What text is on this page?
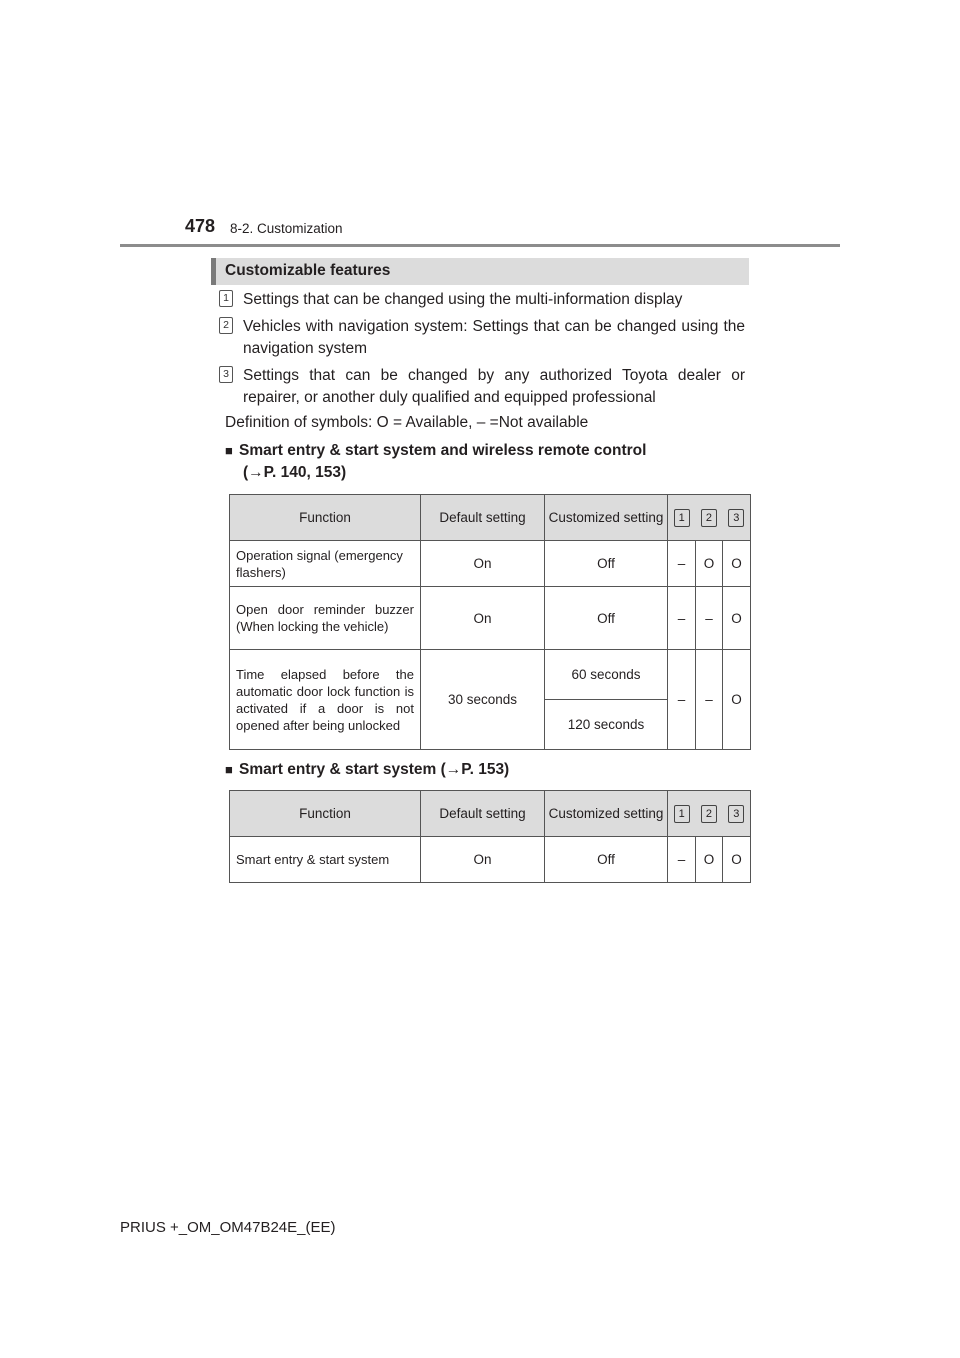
478 8-2. Customization
Customizable features
1 Settings that can be changed using the multi-information display
2 Vehicles with navigation system: Settings that can be changed using the navigation system
3 Settings that can be changed by any authorized Toyota dealer or repairer, or another duly qualified and equipped professional
Definition of symbols: O = Available, – =Not available
■ Smart entry & start system and wireless remote control
(→P. 140, 153)
Function	Default setting	Customized setting	1 2 3		

Operation signal (emergency flashers)	On	Off	–	O	O
Open door reminder buzzer (When locking the vehicle)	On	Off	–	–	O
Time elapsed before the automatic door lock function is activated if a door is not opened after being unlocked	30 seconds	60 seconds	–	–	O
		120 seconds			
■ Smart entry & start system (→P. 153)
Function	Default setting	Customized setting	1 2 3		

Smart entry & start system	On	Off	–	O	O
PRIUS +_OM_OM47B24E_(EE)
